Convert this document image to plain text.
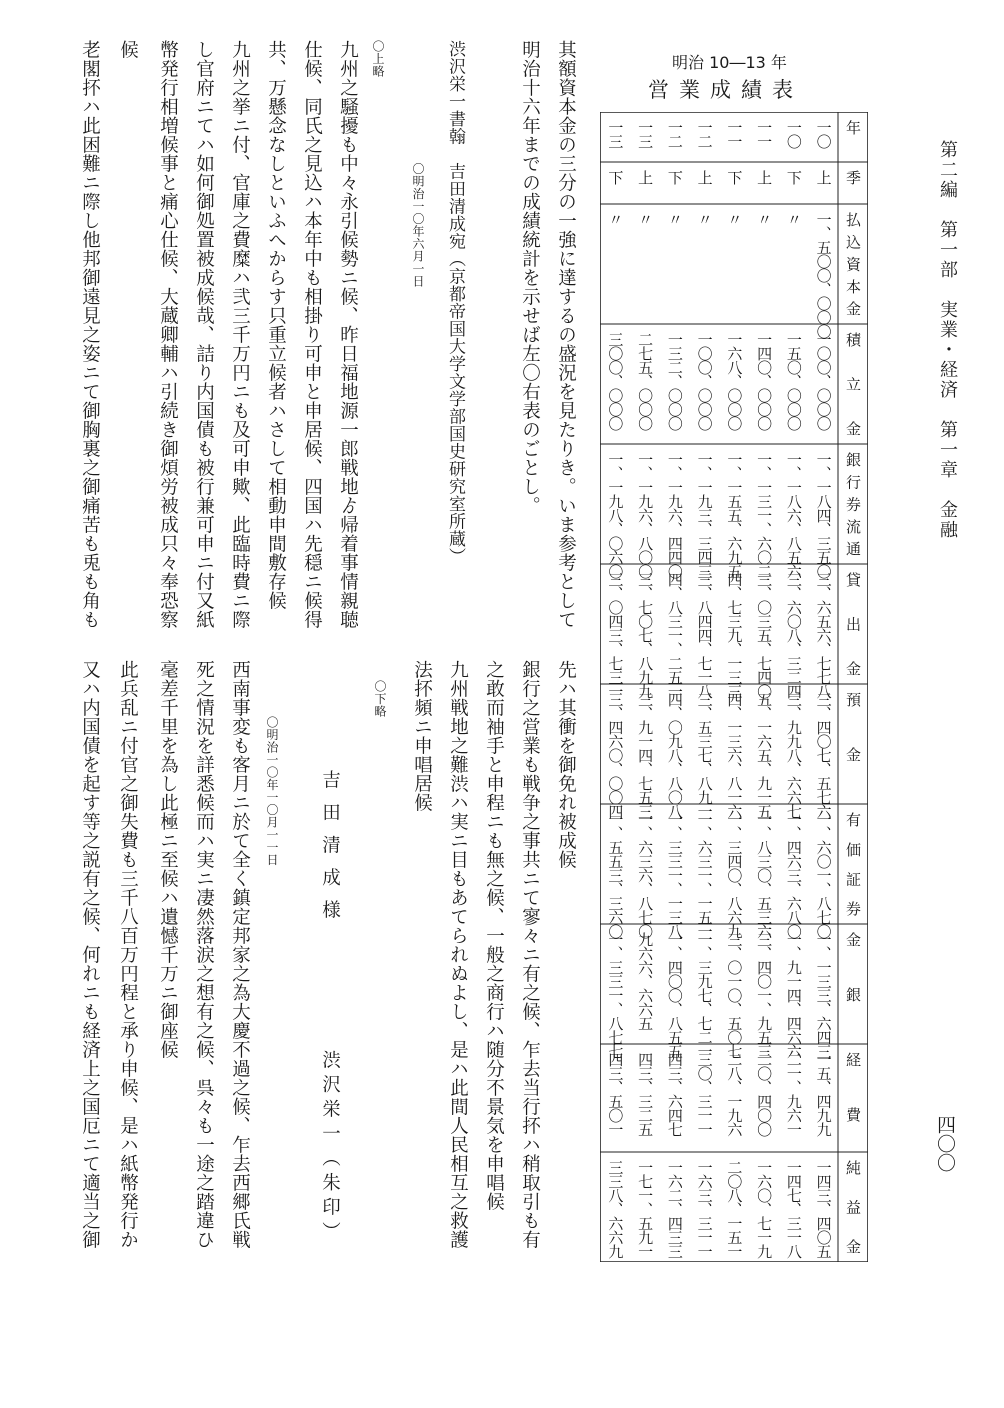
第二編　第一部　実業・経済　第一章　金融
四〇〇
明治 10―13 年
営業成績表
年
季
払込資本金
積立金
銀行券流通
貸出金
預金
有価証券
金銀
経費
純益金
一〇
上
一、五〇〇、〇〇〇
一〇〇、〇〇〇
一、一八四、三五〇
三、六五六、七七八
三、四〇七、五七六
一、六〇一、八七〇
一、一三三、六四三
一五、四九九
一四三、四〇五
一〇
下
〃
一五〇、〇〇〇
一、一八六、八五六
三、六〇八、三二四
三、九九八、六六七
一、四六三、六八〇
一、九一四、四六六
二一、九六一
一四七、三一八
一一
上
〃
一四〇、〇〇〇
一、一三一、六〇二
三、〇三五、七四〇
五、一六五、九一五
一、八三〇、五三六
三、四〇一、九五三
二〇、四〇〇
一六〇、七一九
一一
下
〃
一六八、〇〇〇
一、一五五、六九五
四、七三九、一三三
四、一三六、八一六
一、三四〇、八六九
三、〇一〇、五〇七
二八、一九六
二〇八、一五一
一二
上
〃
一〇〇、〇〇〇
一、一九三、三四三
三、八四四、七一八
三、五三七、八九一
一、六三一、一五一
一、三九七、七二一
三〇、三一一
一六三、三一一
一二
下
〃
一三二、〇〇〇
一、一九六、四四〇
四、八三一、二五一
四、〇九八、八〇八
一、三三一、一三八
一、四〇〇、八五五
四三、六四七
一六二、四三三
一三
上
〃
二七五、〇〇〇
一、一九六、八〇〇
三、七〇七、八九九
三、九一四、七五三
一、六三六、八七〇
九六六、六六五
四三、三二五
一七一、五九一
一三
下
〃
三〇〇、〇〇〇
一、一九八、〇六〇
三、〇四三、七三一
三、四六〇、〇〇四
一、五五三、三六〇
一、三三一、八七七
四三、五〇一
三三八、六六九
其額資本金の三分の一強に達するの盛況を見たりき。いま参考として
明治十六年までの成績統計を示せば左〇右表のごとし。
渋沢栄一書翰　吉田清成宛（京都帝国大学文学部国史研究室所蔵）
　〇明治一〇年六月一日
〇上略
九州之騒擾も中々永引候勢ニ候、昨日福地源一郎戦地ゟ帰着事情親聴
仕候、同氏之見込ハ本年中も相掛り可申と申居候、四国ハ先穏ニ候得
共、万懸念なしといふへからす只重立候者ハさして相動申間敷存候
九州之挙ニ付、官庫之費糜ハ弐三千万円ニも及可申歟、此臨時費ニ際
し官府ニてハ如何御処置被成候哉、詰り内国債も被行兼可申ニ付又紙
幣発行相増候事と痛心仕候、大蔵卿輔ハ引続き御煩労被成只々奉恐察
候
老閣抔ハ此困難ニ際し他邦御遠見之姿ニて御胸裏之御痛苦も兎も角も
先ハ其衝を御免れ被成候
銀行之営業も戦争之事共ニて寥々ニ有之候、乍去当行抔ハ稍取引も有
之敢而袖手と申程ニも無之候、一般之商行ハ随分不景気を申唱候
九州戦地之難渋ハ実ニ目もあてられぬよし、是ハ此間人民相互之救護
法抔頻ニ申唱居候
〇下略
吉田清成様
渋沢栄一（朱印）
〇明治一〇年一〇月一一日
西南事変も客月ニ於て全く鎮定邦家之為大慶不過之候、乍去西郷氏戦
死之情況を詳悉候而ハ実ニ凄然落涙之想有之候、呉々も一途之踏違ひ
毫差千里を為し此極ニ至候ハ遺憾千万ニ御座候
此兵乱ニ付官之御失費も三千八百万円程と承り申候、是ハ紙幣発行か
又ハ内国債を起す等之説有之候、何れニも経済上之国厄ニて適当之御
